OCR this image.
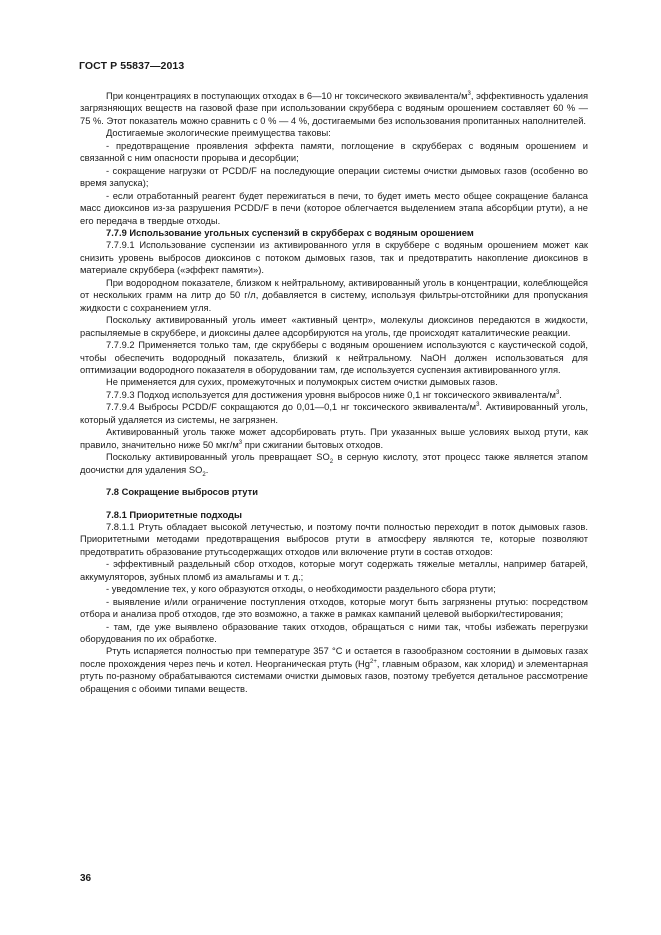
ГОСТ Р 55837—2013

При концентрациях в поступающих отходах в 6—10 нг токсического эквивалента/$м^3$, эффективность удаления загрязняющих веществ на газовой фазе при использовании скруббера с водяным орошением составляет 60 % — 75 %. Этот показатель можно сравнить с 0 % — 4 %, достигаемыми без использования пропитанных наполнителей.

Достигаемые экологические преимущества таковы:

- предотвращение проявления эффекта памяти, поглощение в скрубберах с водяным орошением и связанной с ним опасности прорыва и десорбции;

- сокращение нагрузки от PCDD/F на последующие операции системы очистки дымовых газов (особенно во время запуска);

- если отработанный реагент будет пережигаться в печи, то будет иметь место общее сокращение баланса масс диоксинов из-за разрушения PCDD/F в печи (которое облегчается выделением этапа абсорбции ртути), а не его передача в твердые отходы.

7.7.9 Использование угольных суспензий в скрубберах с водяным орошением

7.7.9.1 Использование суспензии из активированного угля в скруббере с водяным орошением может как снизить уровень выбросов диоксинов с потоком дымовых газов, так и предотвратить накопление диоксинов в материале скруббера («эффект памяти»).

При водородном показателе, близком к нейтральному, активированный уголь в концентрации, колеблющейся от нескольких грамм на литр до 50 г/л, добавляется в систему, используя фильтры-отстойники для пропускания жидкости с сохранением угля.

Поскольку активированный уголь имеет «активный центр», молекулы диоксинов передаются в жидкости, распыляемые в скруббере, и диоксины далее адсорбируются на уголь, где происходят каталитические реакции.

7.7.9.2 Применяется только там, где скрубберы с водяным орошением используются с каустической содой, чтобы обеспечить водородный показатель, близкий к нейтральному. NaOH должен использоваться для оптимизации водородного показателя в оборудовании там, где используется суспензия активированного угля.

Не применяется для сухих, промежуточных и полумокрых систем очистки дымовых газов.

7.7.9.3 Подход используется для достижения уровня выбросов ниже 0,1 нг токсического эквивалента/$м^3$.

7.7.9.4 Выбросы PCDD/F сокращаются до 0,01—0,1 нг токсического эквивалента/$м^3$. Активированный уголь, который удаляется из системы, не загрязнен.

Активированный уголь также может адсорбировать ртуть. При указанных выше условиях выход ртути, как правило, значительно ниже 50 мкг/$м^3$ при сжигании бытовых отходов.

Поскольку активированный уголь превращает $SO_2$ в серную кислоту, этот процесс также является этапом доочистки для удаления $SO_2$.

7.8 Сокращение выбросов ртути
7.8.1 Приоритетные подходы

7.8.1.1 Ртуть обладает высокой летучестью, и поэтому почти полностью переходит в поток дымовых газов. Приоритетными методами предотвращения выбросов ртути в атмосферу являются те, которые позволяют предотвратить образование ртутьсодержащих отходов или включение ртути в состав отходов:

- эффективный раздельный сбор отходов, которые могут содержать тяжелые металлы, например батарей, аккумуляторов, зубных пломб из амальгамы и т. д.;

- уведомление тех, у кого образуются отходы, о необходимости раздельного сбора ртути;

- выявление и/или ограничение поступления отходов, которые могут быть загрязнены ртутью: посредством отбора и анализа проб отходов, где это возможно, а также в рамках кампаний целевой выборки/тестирования;

- там, где уже выявлено образование таких отходов, обращаться с ними так, чтобы избежать перегрузки оборудования по их обработке.

Ртуть испаряется полностью при температуре 357 °С и остается в газообразном состоянии в дымовых газах после прохождения через печь и котел. Неорганическая ртуть ($Hg^{2+}$, главным образом, как хлорид) и элементарная ртуть по-разному обрабатываются системами очистки дымовых газов, поэтому требуется детальное рассмотрение обращения с обоими типами веществ.

36
